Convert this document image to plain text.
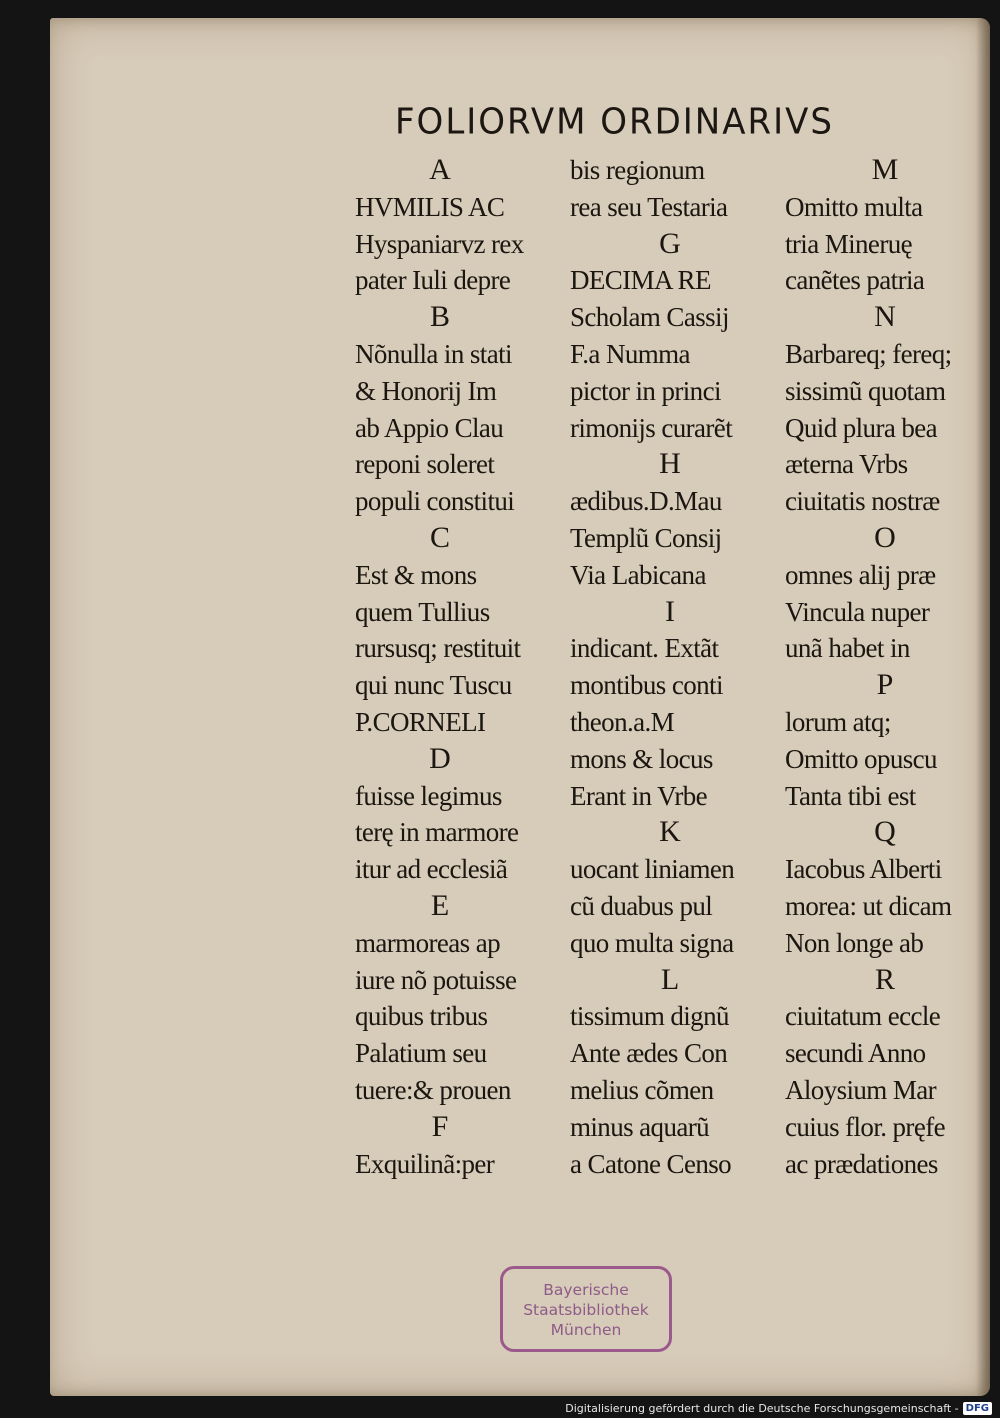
FOLIORVM ORDINARIVS
A
HVMILIS AC
Hyspaniarvz rex
pater Iuli depre
B
Nõnulla in stati
& Honorij Im
ab Appio Clau
reponi soleret
populi constitui
C
Est & mons
quem Tullius
rursusq; restituit
qui nunc Tuscu
P.CORNELI
D
fuisse legimus
terę in marmore
itur ad ecclesiã
E
marmoreas ap
iure nõ potuisse
quibus tribus
Palatium seu
tuere:& prouen
F
Exquilinã:per
bis regionum
rea seu Testaria
G
DECIMA RE
Scholam Cassij
F.a Numma
pictor in princi
rimonijs curarẽt
H
ædibus.D.Mau
Templũ Consij
Via Labicana
I
indicant. Extãt
montibus conti
theon.a.M
mons & locus
Erant in Vrbe
K
uocant liniamen
cũ duabus pul
quo multa signa
L
tissimum dignũ
Ante ædes Con
melius cõmen
minus aquarũ
a Catone Censo
M
Omitto multa
tria Mineruę
canẽtes patria
N
Barbareq; fereq;
sissimũ quotam
Quid plura bea
æterna Vrbs
ciuitatis nostræ
O
omnes alij præ
Vincula nuper
unã habet in
P
lorum atq;
Omitto opuscu
Tanta tibi est
Q
Iacobus Alberti
morea: ut dicam
Non longe ab
R
ciuitatum eccle
secundi Anno
Aloysium Mar
cuius flor. pręfe
ac prædationes
Bayerische
Staatsbibliothek
München
Digitalisierung gefördert durch die Deutsche Forschungsgemeinschaft - DFG
